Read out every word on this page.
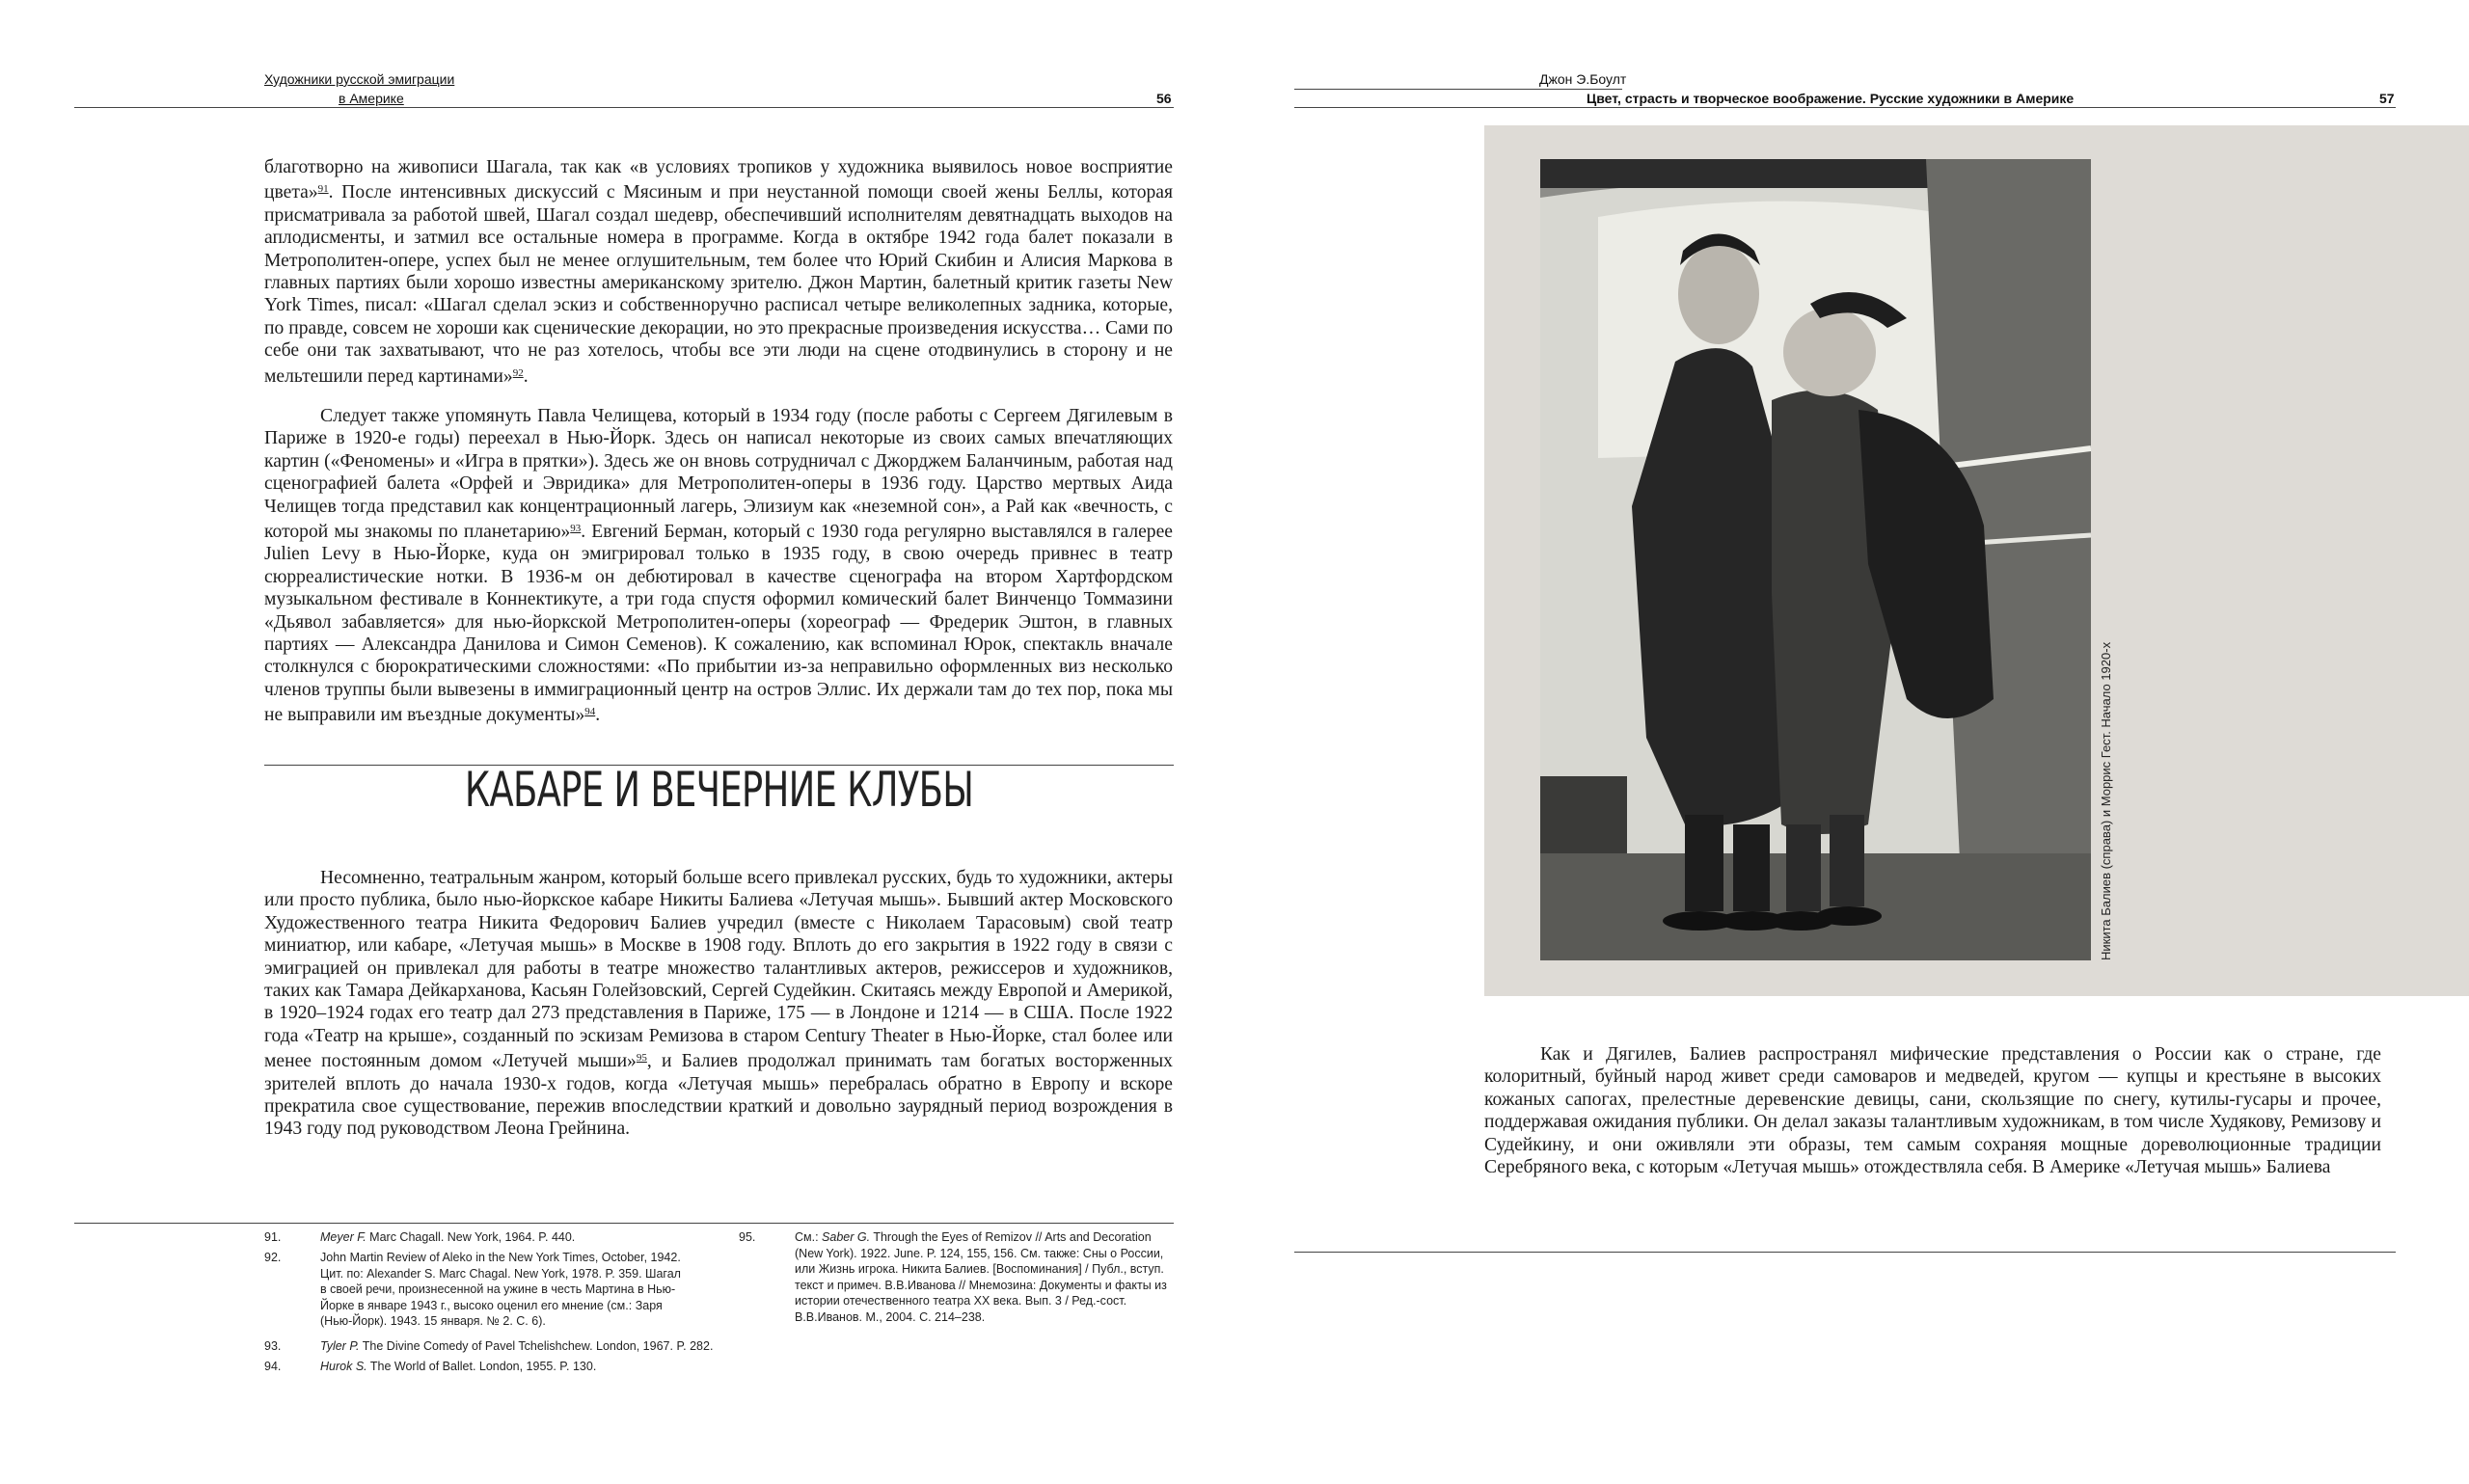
Художники русской эмиграции
в Америке	56

благотворно на живописи Шагала, так как «в условиях тропиков у художника выявилось новое восприятие цвета»$^{91}$. После интенсивных дискуссий с Мясиным и при неустанной помощи своей жены Беллы, которая присматривала за работой швей, Шагал создал шедевр, обеспечивший исполнителям девятнадцать выходов на аплодисменты, и затмил все остальные номера в программе. Когда в октябре 1942 года балет показали в Метрополитен-опере, успех был не менее оглушительным, тем более что Юрий Скибин и Алисия Маркова в главных партиях были хорошо известны американскому зрителю. Джон Мартин, балетный критик газеты New York Times, писал: «Шагал сделал эскиз и собственноручно расписал четыре великолепных задника, которые, по правде, совсем не хороши как сценические декорации, но это прекрасные произведения искусства… Сами по себе они так захватывают, что не раз хотелось, чтобы все эти люди на сцене отодвинулись в сторону и не мельтешили перед картинами»$^{92}$.

Следует также упомянуть Павла Челищева, который в 1934 году (после работы с Сергеем Дягилевым в Париже в 1920-е годы) переехал в Нью-Йорк. Здесь он написал некоторые из своих самых впечатляющих картин («Феномены» и «Игра в прятки»). Здесь же он вновь сотрудничал с Джорджем Баланчиным, работая над сценографией балета «Орфей и Эвридика» для Метрополитен-оперы в 1936 году. Царство мертвых Аида Челищев тогда представил как концентрационный лагерь, Элизиум как «неземной сон», а Рай как «вечность, с которой мы знакомы по планетарию»$^{93}$. Евгений Берман, который с 1930 года регулярно выставлялся в галерее Julien Levy в Нью-Йорке, куда он эмигрировал только в 1935 году, в свою очередь привнес в театр сюрреалистические нотки. В 1936-м он дебютировал в качестве сценографа на втором Хартфордском музыкальном фестивале в Коннектикуте, а три года спустя оформил комический балет Винченцо Томмазини «Дьявол забавляется» для нью-йоркской Метрополитен-оперы (хореограф — Фредерик Эштон, в главных партиях — Александра Данилова и Симон Семенов). К сожалению, как вспоминал Юрок, спектакль вначале столкнулся с бюрократическими сложностями: «По прибытии из-за неправильно оформленных виз несколько членов труппы были вывезены в иммиграционный центр на остров Эллис. Их держали там до тех пор, пока мы не выправили им въездные документы»$^{94}$.

КАБАРЕ И ВЕЧЕРНИЕ КЛУБЫ

Несомненно, театральным жанром, который больше всего привлекал русских, будь то художники, актеры или просто публика, было нью-йоркское кабаре Никиты Балиева «Летучая мышь». Бывший актер Московского Художественного театра Никита Федорович Балиев учредил (вместе с Николаем Тарасовым) свой театр миниатюр, или кабаре, «Летучая мышь» в Москве в 1908 году. Вплоть до его закрытия в 1922 году в связи с эмиграцией он привлекал для работы в театре множество талантливых актеров, режиссеров и художников, таких как Тамара Дейкарханова, Касьян Голейзовский, Сергей Судейкин. Скитаясь между Европой и Америкой, в 1920–1924 годах его театр дал 273 представления в Париже, 175 — в Лондоне и 1214 — в США. После 1922 года «Театр на крыше», созданный по эскизам Ремизова в старом Century Theater в Нью-Йорке, стал более или менее постоянным домом «Летучей мыши»$^{95}$, и Балиев продолжал принимать там богатых восторженных зрителей вплоть до начала 1930-х годов, когда «Летучая мышь» перебралась обратно в Европу и вскоре прекратила свое существование, пережив впоследствии краткий и довольно заурядный период возрождения в 1943 году под руководством Леона Грейнина.

91.	Meyer F. Marc Chagall. New York, 1964. P. 440.
92.	John Martin Review of Aleko in the New York Times, October, 1942. Цит. по: Alexander S. Marc Chagal. New York, 1978. P. 359. Шагал в своей речи, произнесенной на ужине в честь Мартина в Нью-Йорке в январе 1943 г., высоко оценил его мнение (см.: Заря (Нью-Йорк). 1943. 15 января. № 2. С. 6).
93.	Tyler P. The Divine Comedy of Pavel Tchelishchew. London, 1967. P. 282.
94.	Hurok S. The World of Ballet. London, 1955. P. 130.
95.	См.: Saber G. Through the Eyes of Remizov // Arts and Decoration (New York). 1922. June. P. 124, 155, 156. См. также: Сны о России, или Жизнь игрока. Никита Балиев. [Воспоминания] / Публ., вступ. текст и примеч. В.В.Иванова // Мнемозина: Документы и факты из истории отечественного театра XX века. Вып. 3 / Ред.-сост. В.В.Иванов. М., 2004. С. 214–238.
Джон Э.Боулт
Цвет, страсть и творческое воображение. Русские художники в Америке	57
Никита Балиев (справа) и Моррис Гест. Начало 1920-х

Как и Дягилев, Балиев распространял мифические представления о России как о стране, где колоритный, буйный народ живет среди самоваров и медведей, кругом — купцы и крестьяне в высоких кожаных сапогах, прелестные деревенские девицы, сани, скользящие по снегу, кутилы-гусары и прочее, поддержавая ожидания публики. Он делал заказы талантливым художникам, в том числе Худякову, Ремизову и Судейкину, и они оживляли эти образы, тем самым сохраняя мощные дореволюционные традиции Серебряного века, с которым «Летучая мышь» отождествляла себя. В Америке «Летучая мышь» Балиева
